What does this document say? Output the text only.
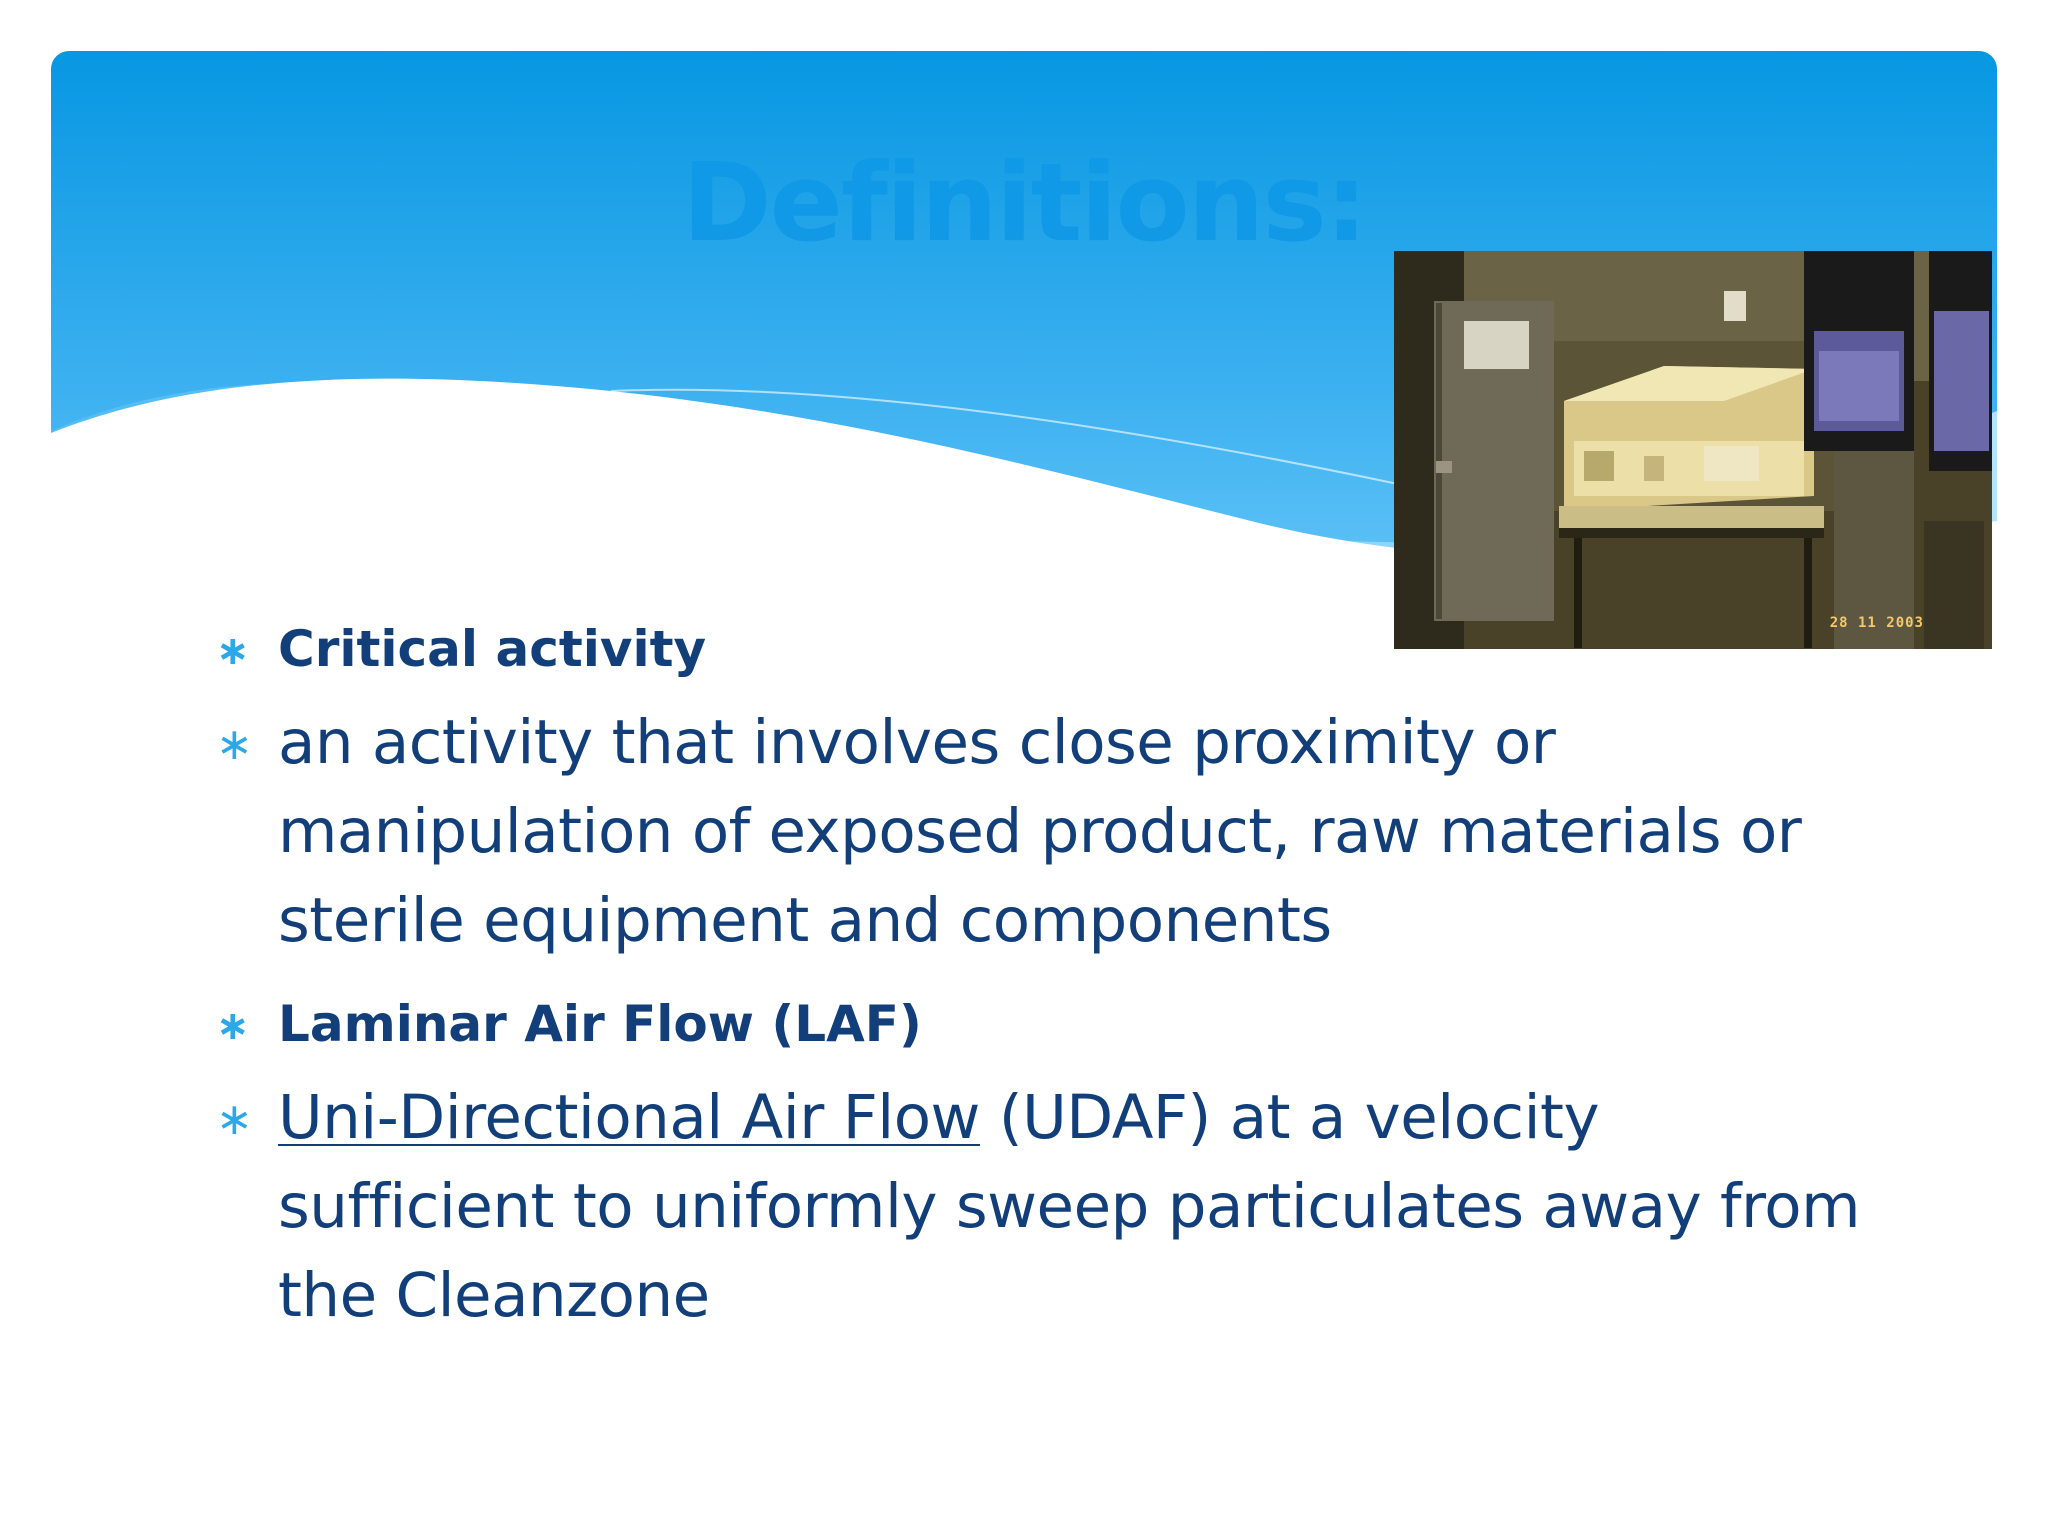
Definitions:
28 11 2003
∗ Critical activity
∗ an activity that involves close proximity or manipulation of exposed product, raw materials or sterile equipment and components
∗ Laminar Air Flow (LAF)
∗ Uni-Directional Air Flow (UDAF) at a velocity sufficient to uniformly sweep particulates away from the Cleanzone
